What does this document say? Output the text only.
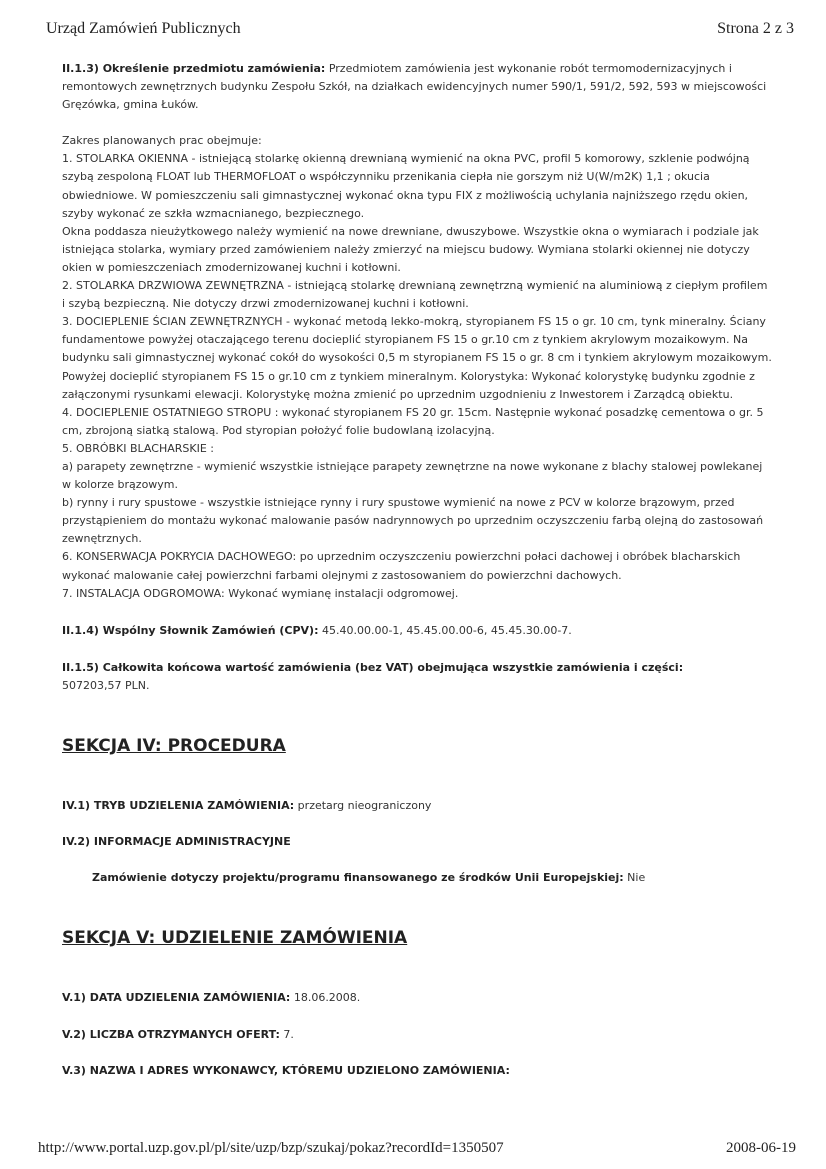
Urząd Zamówień Publicznych	Strona 2 z 3

II.1.3) Określenie przedmiotu zamówienia: Przedmiotem zamówienia jest wykonanie robót termomodernizacyjnych i remontowych zewnętrznych budynku Zespołu Szkół, na działkach ewidencyjnych numer 590/1, 591/2, 592, 593 w miejscowości Gręzówka, gmina Łuków.

Zakres planowanych prac obejmuje:

1. STOLARKA OKIENNA - istniejącą stolarkę okienną drewnianą wymienić na okna PVC, profil 5 komorowy, szklenie podwójną szybą zespoloną FLOAT lub THERMOFLOAT o współczynniku przenikania ciepła nie gorszym niż U(W/m2K) 1,1 ; okucia obwiedniowe. W pomieszczeniu sali gimnastycznej wykonać okna typu FIX z możliwością uchylania najniższego rzędu okien, szyby wykonać ze szkła wzmacnianego, bezpiecznego.

Okna poddasza nieużytkowego należy wymienić na nowe drewniane, dwuszybowe. Wszystkie okna o wymiarach i podziale jak istniejąca stolarka, wymiary przed zamówieniem należy zmierzyć na miejscu budowy. Wymiana stolarki okiennej nie dotyczy okien w pomieszczeniach zmodernizowanej kuchni i kotłowni.

2. STOLARKA DRZWIOWA ZEWNĘTRZNA - istniejącą stolarkę drewnianą zewnętrzną wymienić na aluminiową z ciepłym profilem i szybą bezpieczną. Nie dotyczy drzwi zmodernizowanej kuchni i kotłowni.

3. DOCIEPLENIE ŚCIAN ZEWNĘTRZNYCH - wykonać metodą lekko-mokrą, styropianem FS 15 o gr. 10 cm, tynk mineralny. Ściany fundamentowe powyżej otaczającego terenu docieplić styropianem FS 15 o gr.10 cm z tynkiem akrylowym mozaikowym. Na budynku sali gimnastycznej wykonać cokół do wysokości 0,5 m styropianem FS 15 o gr. 8 cm i tynkiem akrylowym mozaikowym. Powyżej docieplić styropianem FS 15 o gr.10 cm z tynkiem mineralnym. Kolorystyka: Wykonać kolorystykę budynku zgodnie z załączonymi rysunkami elewacji. Kolorystykę można zmienić po uprzednim uzgodnieniu z Inwestorem i Zarządcą obiektu.

4. DOCIEPLENIE OSTATNIEGO STROPU : wykonać styropianem FS 20 gr. 15cm. Następnie wykonać posadzkę cementowa o gr. 5 cm, zbrojoną siatką stalową. Pod styropian położyć folie budowlaną izolacyjną.

5. OBRÓBKI BLACHARSKIE :

a) parapety zewnętrzne - wymienić wszystkie istniejące parapety zewnętrzne na nowe wykonane z blachy stalowej powlekanej w kolorze brązowym.

b) rynny i rury spustowe - wszystkie istniejące rynny i rury spustowe wymienić na nowe z PCV w kolorze brązowym, przed przystąpieniem do montażu wykonać malowanie pasów nadrynnowych po uprzednim oczyszczeniu farbą olejną do zastosowań zewnętrznych.

6. KONSERWACJA POKRYCIA DACHOWEGO: po uprzednim oczyszczeniu powierzchni połaci dachowej i obróbek blacharskich wykonać malowanie całej powierzchni farbami olejnymi z zastosowaniem do powierzchni dachowych.

7. INSTALACJA ODGROMOWA: Wykonać wymianę instalacji odgromowej.

II.1.4) Wspólny Słownik Zamówień (CPV): 45.40.00.00-1, 45.45.00.00-6, 45.45.30.00-7.

II.1.5) Całkowita końcowa wartość zamówienia (bez VAT) obejmująca wszystkie zamówienia i części:

507203,57 PLN.

SEKCJA IV: PROCEDURA

IV.1) TRYB UDZIELENIA ZAMÓWIENIA: przetarg nieograniczony

IV.2) INFORMACJE ADMINISTRACYJNE

Zamówienie dotyczy projektu/programu finansowanego ze środków Unii Europejskiej: Nie

SEKCJA V: UDZIELENIE ZAMÓWIENIA

V.1) DATA UDZIELENIA ZAMÓWIENIA: 18.06.2008.

V.2) LICZBA OTRZYMANYCH OFERT: 7.

V.3) NAZWA I ADRES WYKONAWCY, KTÓREMU UDZIELONO ZAMÓWIENIA:

http://www.portal.uzp.gov.pl/pl/site/uzp/bzp/szukaj/pokaz?recordId=1350507	2008-06-19
